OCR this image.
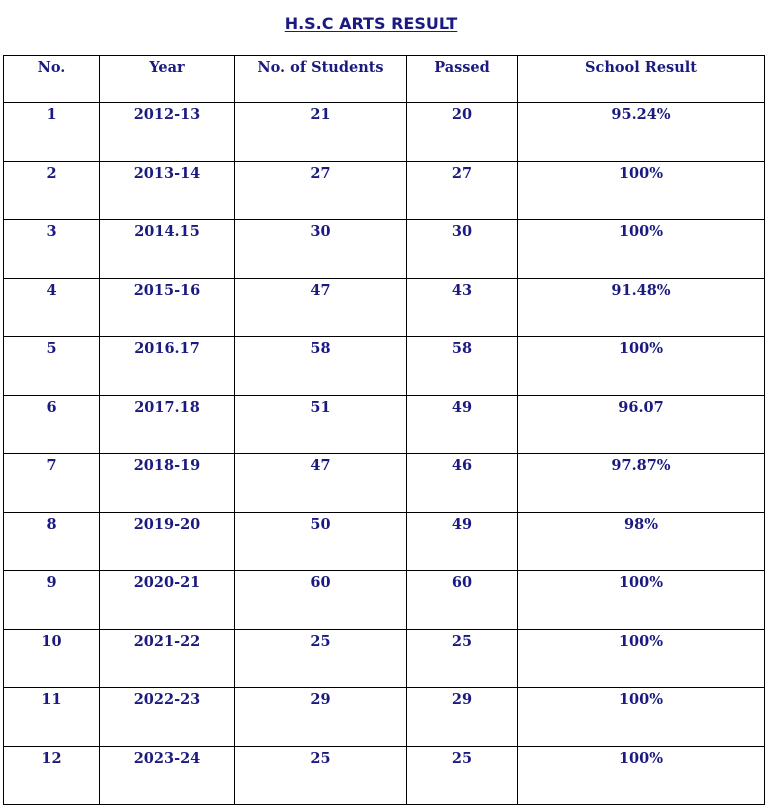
H.S.C ARTS RESULT
No.	Year	No. of Students	Passed	School Result
1	2012-13	21	20	95.24%
2	2013-14	27	27	100%
3	2014.15	30	30	100%
4	2015-16	47	43	91.48%
5	2016.17	58	58	100%
6	2017.18	51	49	96.07
7	2018-19	47	46	97.87%
8	2019-20	50	49	98%
9	2020-21	60	60	100%
10	2021-22	25	25	100%
11	2022-23	29	29	100%
12	2023-24	25	25	100%
